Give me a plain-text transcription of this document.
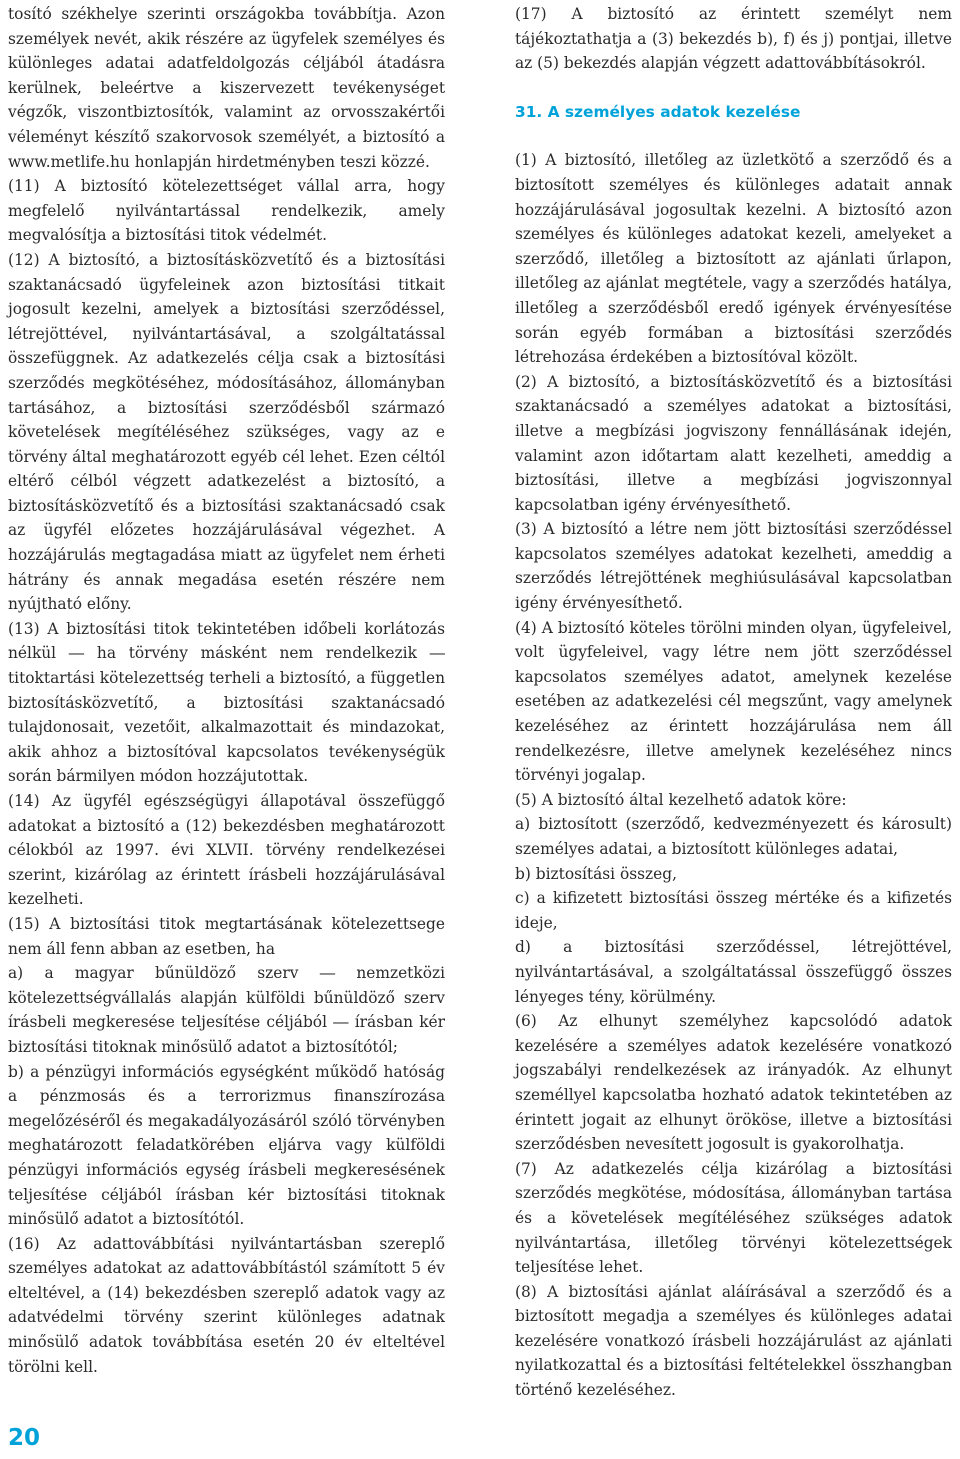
tosító székhelye szerinti országokba továbbítja. Azon személyek nevét, akik részére az ügyfelek személyes és különleges adatai adatfeldolgozás céljából átadásra kerülnek, beleértve a kiszervezett tevékenységet végzők, viszontbiztosítók, valamint az orvosszakértői véleményt készítő szakorvosok személyét, a biztosító a www.metlife.hu honlapján hirdetményben teszi közzé.

(11) A biztosító kötelezettséget vállal arra, hogy megfelelő nyilvántartással rendelkezik, amely megvalósítja a biztosítási titok védelmét.

(12) A biztosító, a biztosításközvetítő és a biztosítási szaktanácsadó ügyfeleinek azon biztosítási titkait jogosult kezelni, amelyek a biztosítási szerződéssel, létrejöttével, nyilvántartásával, a szolgáltatással összefüggnek. Az adatkezelés célja csak a biztosítási szerződés megkötéséhez, módosításához, állományban tartásához, a biztosítási szerződésből származó követelések megítéléséhez szükséges, vagy az e törvény által meghatározott egyéb cél lehet. Ezen céltól eltérő célból végzett adatkezelést a biztosító, a biztosításközvetítő és a biztosítási szaktanácsadó csak az ügyfél előzetes hozzájárulásával végezhet. A hozzájárulás megtagadása miatt az ügyfelet nem érheti hátrány és annak megadása esetén részére nem nyújtható előny.

(13) A biztosítási titok tekintetében időbeli korlátozás nélkül ― ha törvény másként nem rendelkezik ― titoktartási kötelezettség terheli a biztosító, a független biztosításközvetítő, a biztosítási szaktanácsadó tulajdonosait, vezetőit, alkalmazottait és mindazokat, akik ahhoz a biztosítóval kapcsolatos tevékenységük során bármilyen módon hozzájutottak.

(14) Az ügyfél egészségügyi állapotával összefüggő adatokat a biztosító a (12) bekezdésben meghatározott célokból az 1997. évi XLVII. törvény rendelkezései szerint, kizárólag az érintett írásbeli hozzájárulásával kezelheti.

(15) A biztosítási titok megtartásának kötelezettsege nem áll fenn abban az esetben, ha

a) a magyar bűnüldöző szerv ― nemzetközi kötelezettségvállalás alapján külföldi bűnüldöző szerv írásbeli megkeresése teljesítése céljából ― írásban kér biztosítási titoknak minősülő adatot a biztosítótól;

b) a pénzügyi információs egységként működő hatóság a pénzmosás és a terrorizmus finanszírozása megelőzéséről és megakadályozásáról szóló törvényben meghatározott feladatkörében eljárva vagy külföldi pénzügyi információs egység írásbeli megkeresésének teljesítése céljából írásban kér biztosítási titoknak minősülő adatot a biztosítótól.

(16) Az adattovábbítási nyilvántartásban szereplő személyes adatokat az adattovábbítástól számított 5 év elteltével, a (14) bekezdésben szereplő adatok vagy az adatvédelmi törvény szerint különleges adatnak minősülő adatok továbbítása esetén 20 év elteltével törölni kell.

(17) A biztosító az érintett személyt nem tájékoztathatja a (3) bekezdés b), f) és j) pontjai, illetve az (5) bekezdés alapján végzett adattovábbításokról.

31. A személyes adatok kezelése

(1) A biztosító, illetőleg az üzletkötő a szerződő és a biztosított személyes és különleges adatait annak hozzájárulásával jogosultak kezelni. A biztosító azon személyes és különleges adatokat kezeli, amelyeket a szerződő, illetőleg a biztosított az ajánlati űrlapon, illetőleg az ajánlat megtétele, vagy a szerződés hatálya, illetőleg a szerződésből eredő igények érvényesítése során egyéb formában a biztosítási szerződés létrehozása érdekében a biztosítóval közölt.

(2) A biztosító, a biztosításközvetítő és a biztosítási szaktanácsadó a személyes adatokat a biztosítási, illetve a megbízási jogviszony fennállásának idején, valamint azon időtartam alatt kezelheti, ameddig a biztosítási, illetve a megbízási jogviszonnyal kapcsolatban igény érvényesíthető.

(3) A biztosító a létre nem jött biztosítási szerződéssel kapcsolatos személyes adatokat kezelheti, ameddig a szerződés létrejöttének meghiúsulásával kapcsolatban igény érvényesíthető.

(4) A biztosító köteles törölni minden olyan, ügyfeleivel, volt ügyfeleivel, vagy létre nem jött szerződéssel kapcsolatos személyes adatot, amelynek kezelése esetében az adatkezelési cél megszűnt, vagy amelynek kezeléséhez az érintett hozzájárulása nem áll rendelkezésre, illetve amelynek kezeléséhez nincs törvényi jogalap.

(5) A biztosító által kezelhető adatok köre:

a) biztosított (szerződő, kedvezményezett és károsult) személyes adatai, a biztosított különleges adatai,

b) biztosítási összeg,

c) a kifizetett biztosítási összeg mértéke és a kifizetés ideje,

d) a biztosítási szerződéssel, létrejöttével, nyilvántartásával, a szolgáltatással összefüggő összes lényeges tény, körülmény.

(6) Az elhunyt személyhez kapcsolódó adatok kezelésére a személyes adatok kezelésére vonatkozó jogszabályi rendelkezések az irányadók. Az elhunyt személlyel kapcsolatba hozható adatok tekintetében az érintett jogait az elhunyt örököse, illetve a biztosítási szerződésben nevesített jogosult is gyakorolhatja.

(7) Az adatkezelés célja kizárólag a biztosítási szerződés megkötése, módosítása, állományban tartása és a követelések megítéléséhez szükséges adatok nyilvántartása, illetőleg törvényi kötelezettségek teljesítése lehet.

(8) A biztosítási ajánlat aláírásával a szerződő és a biztosított megadja a személyes és különleges adatai kezelésére vonatkozó írásbeli hozzájárulást az ajánlati nyilatkozattal és a biztosítási feltételekkel összhangban történő kezeléséhez.

20
